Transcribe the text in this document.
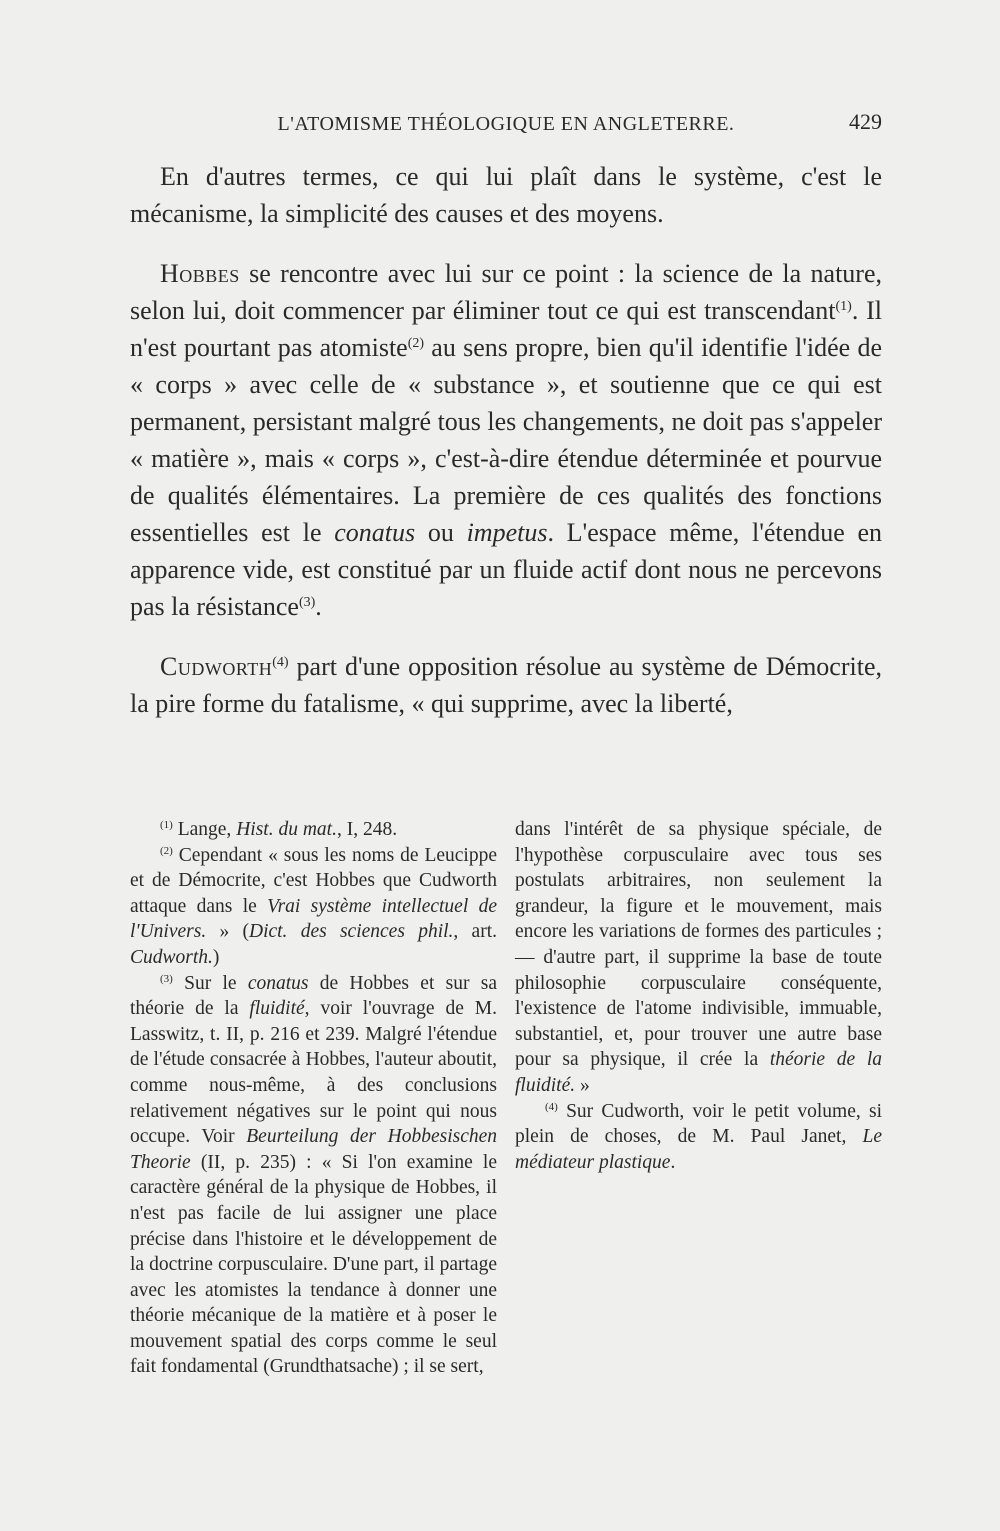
L'ATOMISME THÉOLOGIQUE EN ANGLETERRE.	429

En d'autres termes, ce qui lui plaît dans le système, c'est le mécanisme, la simplicité des causes et des moyens.

Hobbes se rencontre avec lui sur ce point : la science de la nature, selon lui, doit commencer par éliminer tout ce qui est transcendant$^{(1)}$. Il n'est pourtant pas atomiste$^{(2)}$ au sens propre, bien qu'il identifie l'idée de « corps » avec celle de « substance », et soutienne que ce qui est permanent, persistant malgré tous les changements, ne doit pas s'appeler « matière », mais « corps », c'est-à-dire étendue déterminée et pourvue de qualités élémentaires. La première de ces qualités des fonctions essentielles est le conatus ou impetus. L'espace même, l'étendue en apparence vide, est constitué par un fluide actif dont nous ne percevons pas la résistance$^{(3)}$.

Cudworth$^{(4)}$ part d'une opposition résolue au système de Démocrite, la pire forme du fatalisme, « qui supprime, avec la liberté,

$^{(1)}$ Lange, Hist. du mat., I, 248.

$^{(2)}$ Cependant « sous les noms de Leucippe et de Démocrite, c'est Hobbes que Cudworth attaque dans le Vrai système intellectuel de l'Univers. » (Dict. des sciences phil., art. Cudworth.)

$^{(3)}$ Sur le conatus de Hobbes et sur sa théorie de la fluidité, voir l'ouvrage de M. Lasswitz, t. II, p. 216 et 239. Malgré l'étendue de l'étude consacrée à Hobbes, l'auteur aboutit, comme nous-même, à des conclusions relativement négatives sur le point qui nous occupe. Voir Beurteilung der Hobbesischen Theorie (II, p. 235) : « Si l'on examine le caractère général de la physique de Hobbes, il n'est pas facile de lui assigner une place précise dans l'histoire et le développement de la doctrine corpusculaire. D'une part, il partage avec les atomistes la tendance à donner une théorie mécanique de la matière et à poser le mouvement spatial des corps comme le seul fait fondamental (Grundthatsache) ; il se sert,

dans l'intérêt de sa physique spéciale, de l'hypothèse corpusculaire avec tous ses postulats arbitraires, non seulement la grandeur, la figure et le mouvement, mais encore les variations de formes des particules ; — d'autre part, il supprime la base de toute philosophie corpusculaire conséquente, l'existence de l'atome indivisible, immuable, substantiel, et, pour trouver une autre base pour sa physique, il crée la théorie de la fluidité. »

$^{(4)}$ Sur Cudworth, voir le petit volume, si plein de choses, de M. Paul Janet, Le médiateur plastique.
